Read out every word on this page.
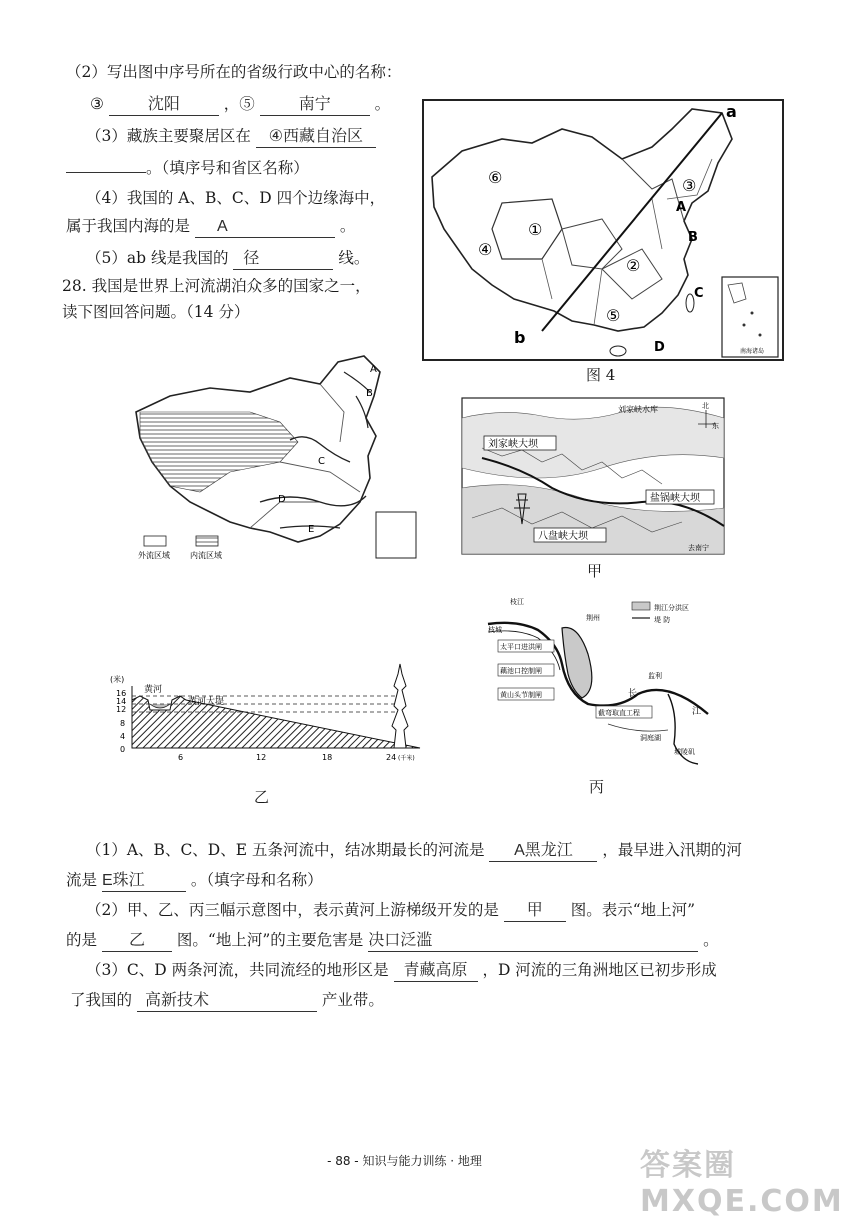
（2）写出图中序号所在的省级行政中心的名称：
③	沈阳	，⑤	南宁	。
（3）藏族主要聚居区在 ④西藏自治区
。（填序号和省区名称）
（4）我国的 A、B、C、D 四个边缘海中，
属于我国内海的是 A	。
（5）ab 线是我国的 径	线。
28. 我国是世界上河流湖泊众多的国家之一，
读下图回答问题。（14 分）
a
b
⑥
①
④
②
③
⑤
A
B
C
D	南海诸岛
图 4
A
B
C
D
E
外流区域	内流区域
刘家峡大坝
刘家峡水库
盐锅峡大坝
八盘峡大坝
去南宁
北
东
甲
枝江
枝城
荆州
监利
洞庭湖
城陵矶
长
江
荆江分洪区
堤 防
太平口进洪闸
藕池口控制闸
黄山头节制闸
截弯取直工程
丙
(米)
16
14
12
8
4
0
黄河
黄河大堤
6	12	18	24 (千米)
乙
（1）A、B、C、D、E 五条河流中，结冰期最长的河流是 A黑龙江 ，最早进入汛期的河
流是 E珠江	。（填字母和名称）
（2）甲、乙、丙三幅示意图中，表示黄河上游梯级开发的是 甲 图。表示“地上河”
的是 乙 图。“地上河”的主要危害是 决口泛滥	。
（3）C、D 两条河流，共同流经的地形区是 青藏高原 ，D 河流的三角洲地区已初步形成
了我国的 高新技术	产业带。
- 88 - 知识与能力训练 · 地理	答案圈 MXQE.COM
